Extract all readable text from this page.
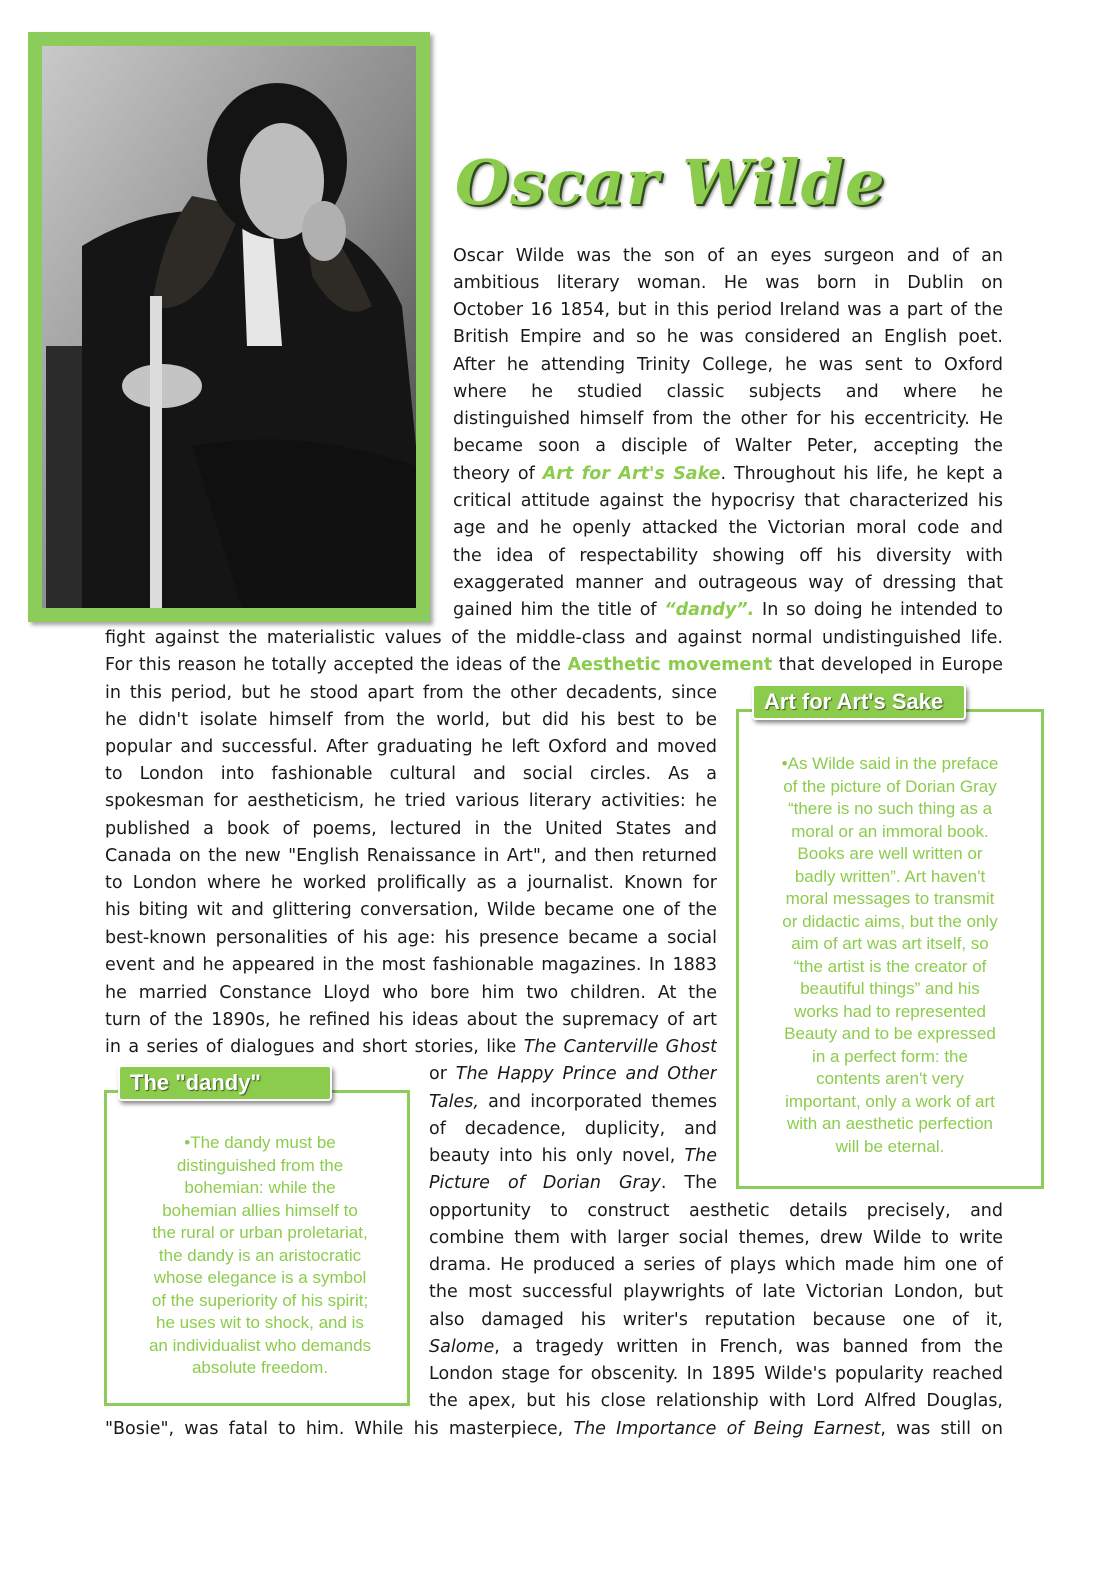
Oscar Wilde
Oscar Wilde was the son of an eyes surgeon and of an
ambitious literary woman. He was born in Dublin on
October 16 1854, but in this period Ireland was a part of the
British Empire and so he was considered an English poet.
After he attending Trinity College, he was sent to Oxford
where he studied classic subjects and where he
distinguished himself from the other for his eccentricity. He
became soon a disciple of Walter Peter, accepting the
theory of Art for Art's Sake. Throughout his life, he kept a
critical attitude against the hypocrisy that characterized his
age and he openly attacked the Victorian moral code and
the idea of respectability showing off his diversity with
exaggerated manner and outrageous way of dressing that
gained him the title of “dandy”. In so doing he intended to
fight against the materialistic values of the middle-class and against normal undistinguished life.
For this reason he totally accepted the ideas of the Aesthetic movement that developed in Europe
in this period, but he stood apart from the other decadents, since
he didn't isolate himself from the world, but did his best to be
popular and successful. After graduating he left Oxford and moved
to London into fashionable cultural and social circles. As a
spokesman for aestheticism, he tried various literary activities: he
published a book of poems, lectured in the United States and
Canada on the new "English Renaissance in Art", and then returned
to London where he worked prolifically as a journalist. Known for
his biting wit and glittering conversation, Wilde became one of the
best-known personalities of his age: his presence became a social
event and he appeared in the most fashionable magazines. In 1883
he married Constance Lloyd who bore him two children. At the
turn of the 1890s, he refined his ideas about the supremacy of art
in a series of dialogues and short stories, like The Canterville Ghost
or The Happy Prince and Other
Tales, and incorporated themes
of decadence, duplicity, and
beauty into his only novel, The
Picture of Dorian Gray. The
opportunity to construct aesthetic details precisely, and
combine them with larger social themes, drew Wilde to write
drama. He produced a series of plays which made him one of
the most successful playwrights of late Victorian London, but
also damaged his writer's reputation because one of it,
Salome, a tragedy written in French, was banned from the
London stage for obscenity. In 1895 Wilde's popularity reached
the apex, but his close relationship with Lord Alfred Douglas,
"Bosie", was fatal to him. While his masterpiece, The Importance of Being Earnest, was still on
Art for Art's Sake
•As Wilde said in the preface
of the picture of Dorian Gray
“there is no such thing as a
moral or an immoral book.
Books are well written or
badly written”. Art haven't
moral messages to transmit
or didactic aims, but the only
aim of art was art itself, so
“the artist is the creator of
beautiful things” and his
works had to represented
Beauty and to be expressed
in a perfect form: the
contents aren't very
important, only a work of art
with an aesthetic perfection
will be eternal.
The "dandy"
•The dandy must be
distinguished from the
bohemian: while the
bohemian allies himself to
the rural or urban proletariat,
the dandy is an aristocratic
whose elegance is a symbol
of the superiority of his spirit;
he uses wit to shock, and is
an individualist who demands
absolute freedom.
